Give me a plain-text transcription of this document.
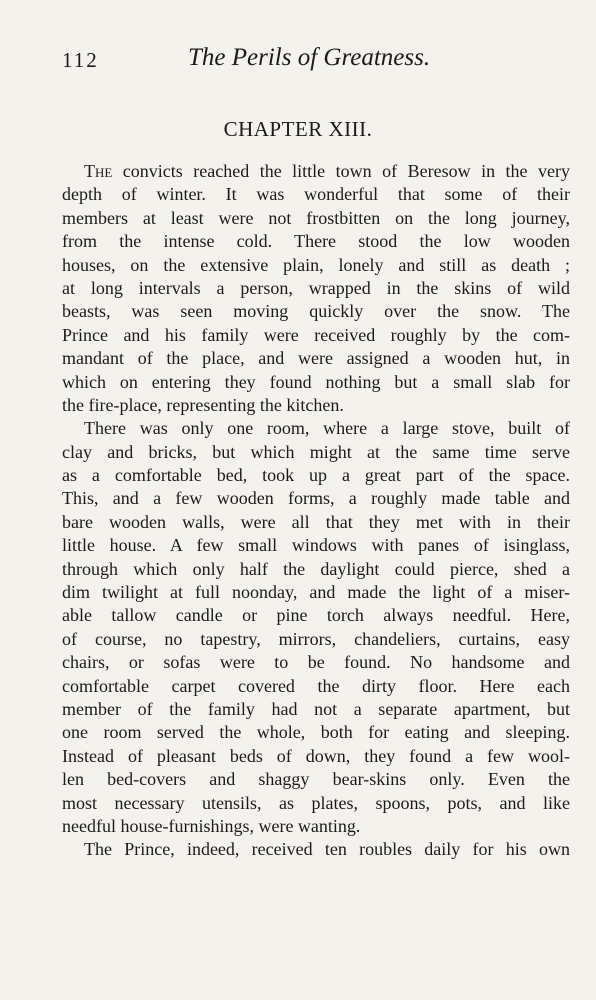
112	The Perils of Greatness.
CHAPTER XIII.
The convicts reached the little town of Beresow in the very
depth of winter. It was wonderful that some of their
members at least were not frostbitten on the long journey,
from the intense cold. There stood the low wooden
houses, on the extensive plain, lonely and still as death ;
at long intervals a person, wrapped in the skins of wild
beasts, was seen moving quickly over the snow. The
Prince and his family were received roughly by the com-
mandant of the place, and were assigned a wooden hut, in
which on entering they found nothing but a small slab for
the fire-place, representing the kitchen.
There was only one room, where a large stove, built of
clay and bricks, but which might at the same time serve
as a comfortable bed, took up a great part of the space.
This, and a few wooden forms, a roughly made table and
bare wooden walls, were all that they met with in their
little house. A few small windows with panes of isinglass,
through which only half the daylight could pierce, shed a
dim twilight at full noonday, and made the light of a miser-
able tallow candle or pine torch always needful. Here,
of course, no tapestry, mirrors, chandeliers, curtains, easy
chairs, or sofas were to be found. No handsome and
comfortable carpet covered the dirty floor. Here each
member of the family had not a separate apartment, but
one room served the whole, both for eating and sleeping.
Instead of pleasant beds of down, they found a few wool-
len bed-covers and shaggy bear-skins only. Even the
most necessary utensils, as plates, spoons, pots, and like
needful house-furnishings, were wanting.
The Prince, indeed, received ten roubles daily for his own
